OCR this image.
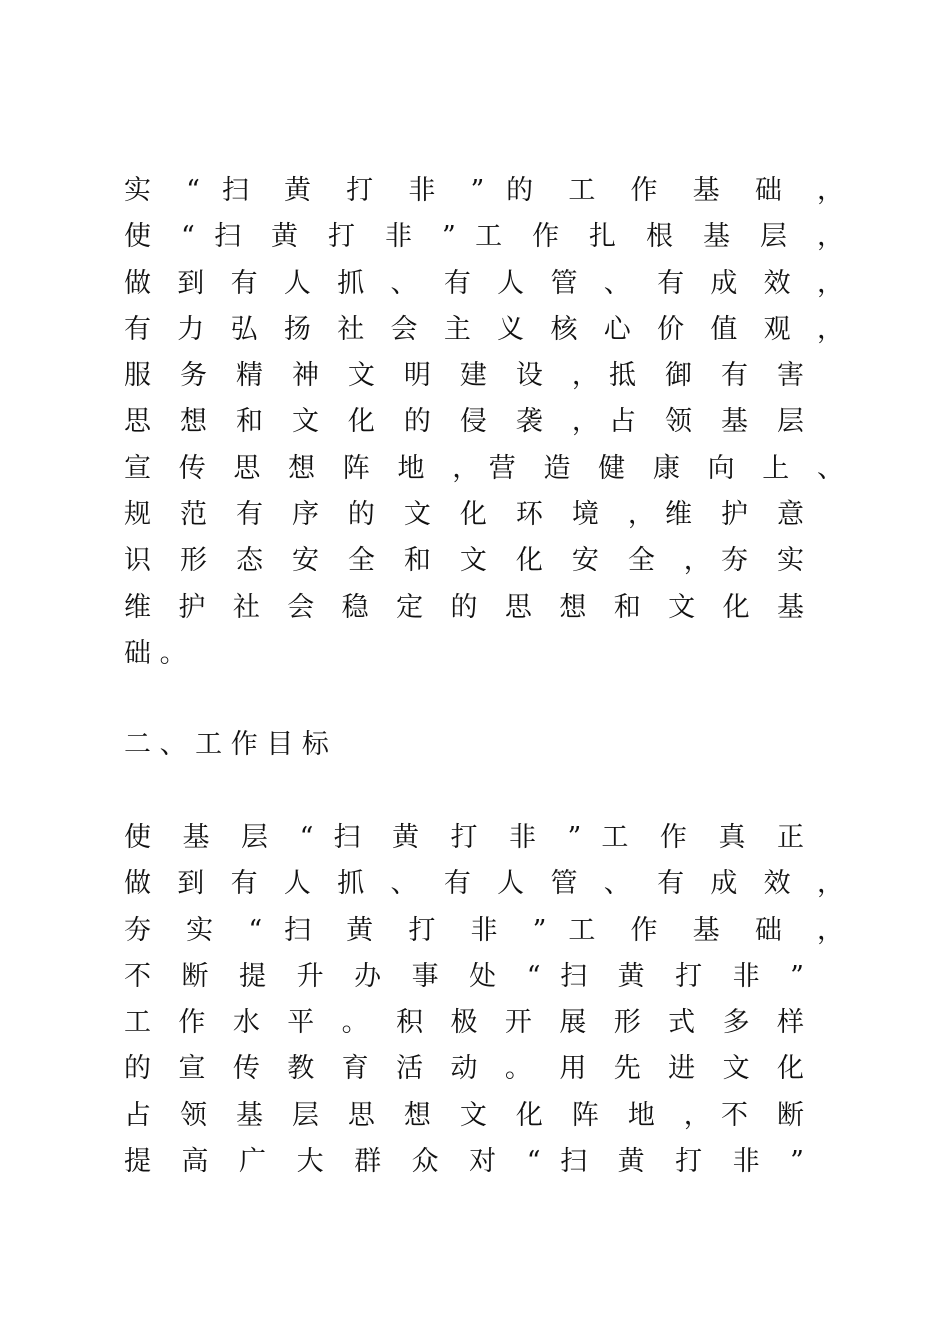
实 “ 扫 黄 打 非 ” 的 工 作 基 础 ，
使 “ 扫 黄 打 非 ” 工 作 扎 根 基 层 ，
做 到 有 人 抓 、 有 人 管 、 有 成 效 ，
有 力 弘 扬 社 会 主 义 核 心 价 值 观 ，
服 务 精 神 文 明 建 设 ，抵 御 有 害
思 想 和 文 化 的 侵 袭 ，占 领 基 层
宣 传 思 想 阵 地 ，营 造 健 康 向 上 、
规 范 有 序 的 文 化 环 境 ，维 护 意
识 形 态 安 全 和 文 化 安 全 ，夯 实
维 护 社 会 稳 定 的 思 想 和 文 化 基
础 。
二 、 工 作 目 标
使 基 层 “ 扫 黄 打 非 ” 工 作 真 正
做 到 有 人 抓 、 有 人 管 、 有 成 效 ，
夯 实 “ 扫 黄 打 非 ” 工 作 基 础 ，
不 断 提 升 办 事 处 “ 扫 黄 打 非 ”
工 作 水 平 。 积 极 开 展 形 式 多 样
的 宣 传 教 育 活 动 。 用 先 进 文 化
占 领 基 层 思 想 文 化 阵 地 ，不 断
提 高 广 大 群 众 对 “ 扫 黄 打 非 ”
